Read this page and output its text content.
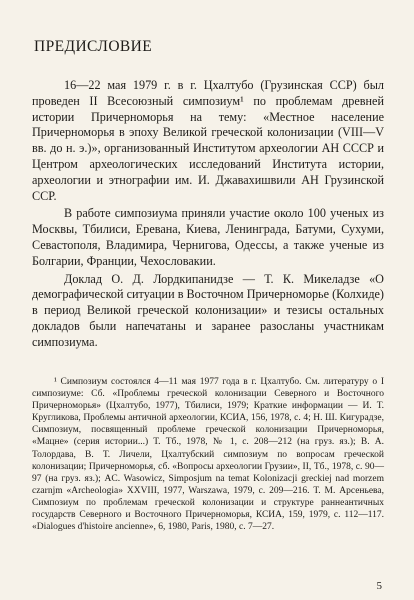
ПРЕДИСЛОВИЕ

16—22 мая 1979 г. в г. Цхалтубо (Грузинская ССР) был проведен II Всесоюзный симпозиум¹ по проблемам древней истории Причерноморья на тему: «Местное население Причерноморья в эпоху Великой греческой колонизации (VIII—V вв. до н. э.)», организованный Институтом археологии АН СССР и Центром археологических исследований Института истории, археологии и этнографии им. И. Джавахишвили АН Грузинской ССР.

В работе симпозиума приняли участие около 100 ученых из Москвы, Тбилиси, Еревана, Киева, Ленинграда, Батуми, Сухуми, Севастополя, Владимира, Чернигова, Одессы, а также ученые из Болгарии, Франции, Чехословакии.

Доклад О. Д. Лордкипанидзе — Т. К. Микеладзе «О демографической ситуации в Восточном Причерноморье (Колхиде) в период Великой греческой колонизации» и тезисы остальных докладов были напечатаны и заранее разосланы участникам симпозиума.

¹ Симпозиум состоялся 4—11 мая 1977 года в г. Цхалтубо. См. литературу о I симпозиуме: Сб. «Проблемы греческой колонизации Северного и Восточного Причерноморья» (Цхалтубо, 1977), Тбилиси, 1979; Краткие информации — И. Т. Кругликова, Проблемы античной археологии, КСИА, 156, 1978, с. 4; Н. Ш. Кигурадзе, Симпозиум, посвященный проблеме греческой колонизации Причерноморья, «Мацне» (серия истории...) Т. Тб., 1978, № 1, с. 208—212 (на груз. яз.); В. А. Толордава, В. Т. Личели, Цхалтубский симпозиум по вопросам греческой колонизации; Причерноморья, сб. «Вопросы археологии Грузии», II, Тб., 1978, с. 90—97 (на груз. яз.); AC. Wasowicz, Simposjum na temat Kolonizacji greckiej nad morzem czarnjm «Archeologia» XXVIII, 1977, Warszawa, 1979, с. 209—216. Т. М. Арсеньева, Симпозиум по проблемам греческой колонизации и структуре раннеантичных государств Северного и Восточного Причерноморья, КСИА, 159, 1979, с. 112—117. «Dialogues d'histoire ancienne», 6, 1980, Paris, 1980, с. 7—27.

5
